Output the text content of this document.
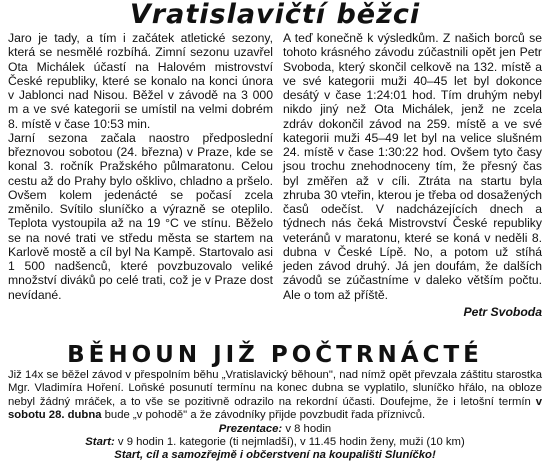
Vratislavičtí běžci

Jaro je tady, a tím i začátek atletické sezony, která se nesmělé rozbíhá. Zimní sezonu uzavřel Ota Michálek účastí na Halovém mistrovství České republiky, které se konalo na konci února v Jablonci nad Nisou. Běžel v závodě na 3 000 m a ve své kategorii se umístil na velmi dobrém 8. místě v čase 10:53 min.

Jarní sezona začala naostro předposlední březnovou sobotou (24. března) v Praze, kde se konal 3. ročník Pražského půlmaratonu. Celou cestu až do Prahy bylo ošklivo, chladno a pršelo. Ovšem kolem jedenácté se počasí zcela změnilo. Svítilo sluníčko a výrazně se oteplilo. Teplota vystoupila až na 19 °C ve stínu. Běželo se na nové trati ve středu města se startem na Karlově mostě a cíl byl Na Kampě. Startovalo asi 1 500 nadšenců, které povzbuzovalo veliké množství diváků po celé trati, což je v Praze dost nevídané.

A teď konečně k výsledkům. Z našich borců se tohoto krásného závodu zúčastnili opět jen Petr Svoboda, který skončil celkově na 132. místě a ve své kategorii muži 40–45 let byl dokonce desátý v čase 1:24:01 hod. Tím druhým nebyl nikdo jiný než Ota Michálek, jenž ne zcela zdráv dokončil závod na 259. místě a ve své kategorii muži 45–49 let byl na velice slušném 24. místě v čase 1:30:22 hod. Ovšem tyto časy jsou trochu znehodnoceny tím, že přesný čas byl změřen až v cíli. Ztráta na startu byla zhruba 30 vteřin, kterou je třeba od dosažených časů odečíst. V nadcházejících dnech a týdnech nás čeká Mistrovství České republiky veteránů v maratonu, které se koná v neděli 8. dubna v České Lípě. No, a potom už stíhá jeden závod druhý. Já jen doufám, že dalších závodů se zúčastníme v daleko větším počtu. Ale o tom až příště.

Petr Svoboda

BĚHOUN JIŽ POČTRNÁCTÉ

Již 14x se běžel závod v přespolním běhu „Vratislavický běhoun", nad nímž opět převzala záštitu starostka Mgr. Vladimíra Hoření. Loňské posunutí termínu na konec dubna se vyplatilo, sluníčko hřálo, na obloze nebyl žádný mráček, a to vše se pozitivně odrazilo na rekordní účasti. Doufejme, že i letošní termín v sobotu 28. dubna bude „v pohodě" a že závodníky přijde povzbudit řada příznivců.

Prezentace: v 8 hodin

Start: v 9 hodin 1. kategorie (ti nejmladší), v 11.45 hodin ženy, muži (10 km)

Start, cíl a samozřejmě i občerstvení na koupališti Sluníčko!
